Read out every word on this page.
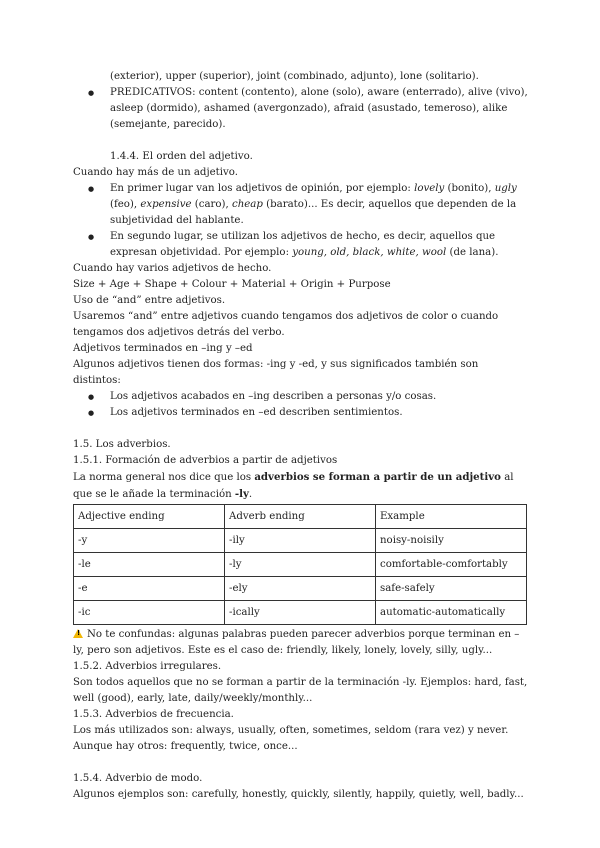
(exterior), upper (superior), joint (combinado, adjunto), lone (solitario).

● PREDICATIVOS: content (contento), alone (solo), aware (enterrado), alive (vivo), asleep (dormido), ashamed (avergonzado), afraid (asustado, temeroso), alike (semejante, parecido).

1.4.4. El orden del adjetivo.

Cuando hay más de un adjetivo.

● En primer lugar van los adjetivos de opinión, por ejemplo: lovely (bonito), ugly (feo), expensive (caro), cheap (barato)... Es decir, aquellos que dependen de la subjetividad del hablante.
● En segundo lugar, se utilizan los adjetivos de hecho, es decir, aquellos que expresan objetividad. Por ejemplo: young, old, black, white, wool (de lana).

Cuando hay varios adjetivos de hecho.

Size + Age + Shape + Colour + Material + Origin + Purpose

Uso de “and” entre adjetivos.

Usaremos “and” entre adjetivos cuando tengamos dos adjetivos de color o cuando tengamos dos adjetivos detrás del verbo.

Adjetivos terminados en –ing y –ed

Algunos adjetivos tienen dos formas: -ing y -ed, y sus significados también son distintos:

● Los adjetivos acabados en –ing describen a personas y/o cosas.
● Los adjetivos terminados en –ed describen sentimientos.

1.5. Los adverbios.

1.5.1. Formación de adverbios a partir de adjetivos

La norma general nos dice que los adverbios se forman a partir de un adjetivo al que se le añade la terminación -ly.

Adjective ending	Adverb ending	Example
-y	-ily	noisy-noisily
-le	-ly	comfortable-comfortably
-e	-ely	safe-safely
-ic	-ically	automatic-automatically

!No te confundas: algunas palabras pueden parecer adverbios porque terminan en –ly, pero son adjetivos. Este es el caso de: friendly, likely, lonely, lovely, silly, ugly...

1.5.2. Adverbios irregulares.

Son todos aquellos que no se forman a partir de la terminación -ly. Ejemplos: hard, fast, well (good), early, late, daily/weekly/monthly...

1.5.3. Adverbios de frecuencia.

Los más utilizados son: always, usually, often, sometimes, seldom (rara vez) y never. Aunque hay otros: frequently, twice, once...

1.5.4. Adverbio de modo.

Algunos ejemplos son: carefully, honestly, quickly, silently, happily, quietly, well, badly...
